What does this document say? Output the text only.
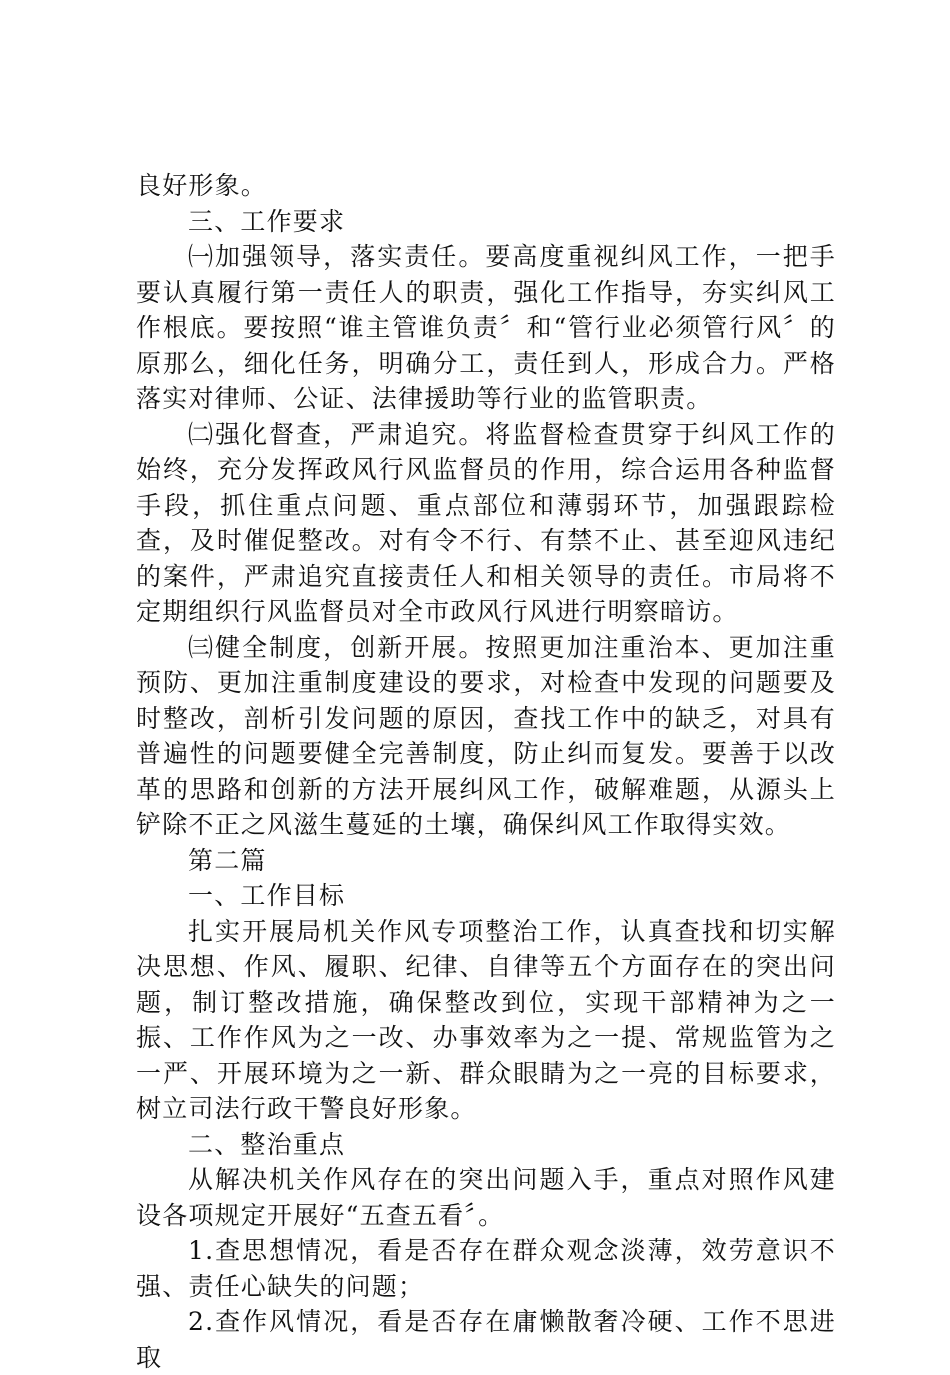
良好形象。

三、工作要求

㈠加强领导，落实责任。要高度重视纠风工作，一把手要认真履行第一责任人的职责，强化工作指导，夯实纠风工作根底。要按照“谁主管谁负责〞和“管行业必须管行风〞的原那么，细化任务，明确分工，责任到人，形成合力。严格落实对律师、公证、法律援助等行业的监管职责。

㈡强化督查，严肃追究。将监督检查贯穿于纠风工作的始终，充分发挥政风行风监督员的作用，综合运用各种监督手段，抓住重点问题、重点部位和薄弱环节，加强跟踪检查，及时催促整改。对有令不行、有禁不止、甚至迎风违纪的案件，严肃追究直接责任人和相关领导的责任。市局将不定期组织行风监督员对全市政风行风进行明察暗访。

㈢健全制度，创新开展。按照更加注重治本、更加注重预防、更加注重制度建设的要求，对检查中发现的问题要及时整改，剖析引发问题的原因，查找工作中的缺乏，对具有普遍性的问题要健全完善制度，防止纠而复发。要善于以改革的思路和创新的方法开展纠风工作，破解难题，从源头上铲除不正之风滋生蔓延的土壤，确保纠风工作取得实效。

第二篇

一、工作目标

扎实开展局机关作风专项整治工作，认真查找和切实解决思想、作风、履职、纪律、自律等五个方面存在的突出问题，制订整改措施，确保整改到位，实现干部精神为之一振、工作作风为之一改、办事效率为之一提、常规监管为之一严、开展环境为之一新、群众眼睛为之一亮的目标要求，树立司法行政干警良好形象。

二、整治重点

从解决机关作风存在的突出问题入手，重点对照作风建设各项规定开展好“五查五看〞。

1.查思想情况，看是否存在群众观念淡薄，效劳意识不强、责任心缺失的问题；

2.查作风情况，看是否存在庸懒散奢冷硬、工作不思进取
